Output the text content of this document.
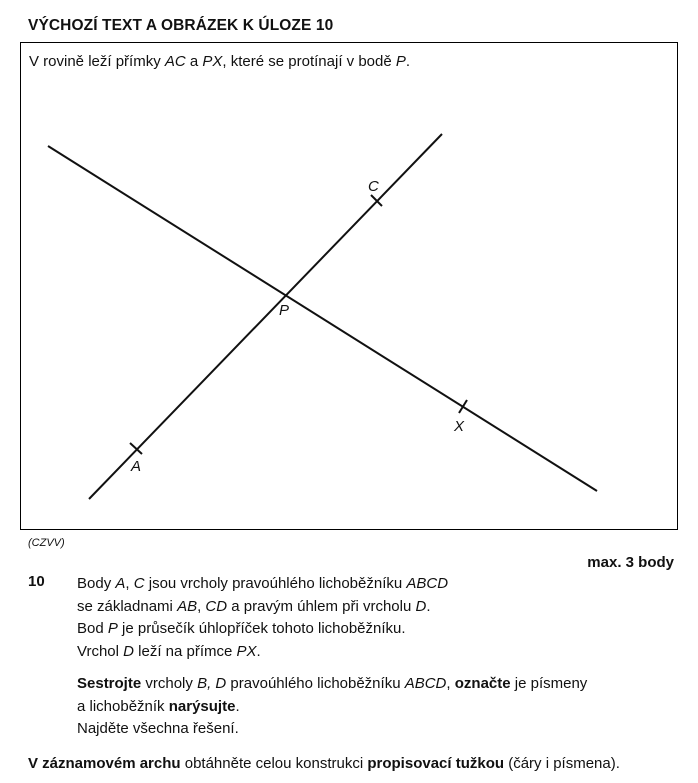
VÝCHOZÍ TEXT A OBRÁZEK K ÚLOZE 10
V rovině leží přímky AC a PX, které se protínají v bodě P.
A
C
P
X
(CZVV)
max. 3 body
10 Body A, C jsou vrcholy pravoúhlého lichoběžníku ABCD

se základnami AB, CD a pravým úhlem při vrcholu D.

Bod P je průsečík úhlopříček tohoto lichoběžníku.

Vrchol D leží na přímce PX.

Sestrojte vrcholy B, D pravoúhlého lichoběžníku ABCD, označte je písmeny

a lichoběžník narýsujte.

Najděte všechna řešení.

V záznamovém archu obtáhněte celou konstrukci propisovací tužkou (čáry i písmena).
